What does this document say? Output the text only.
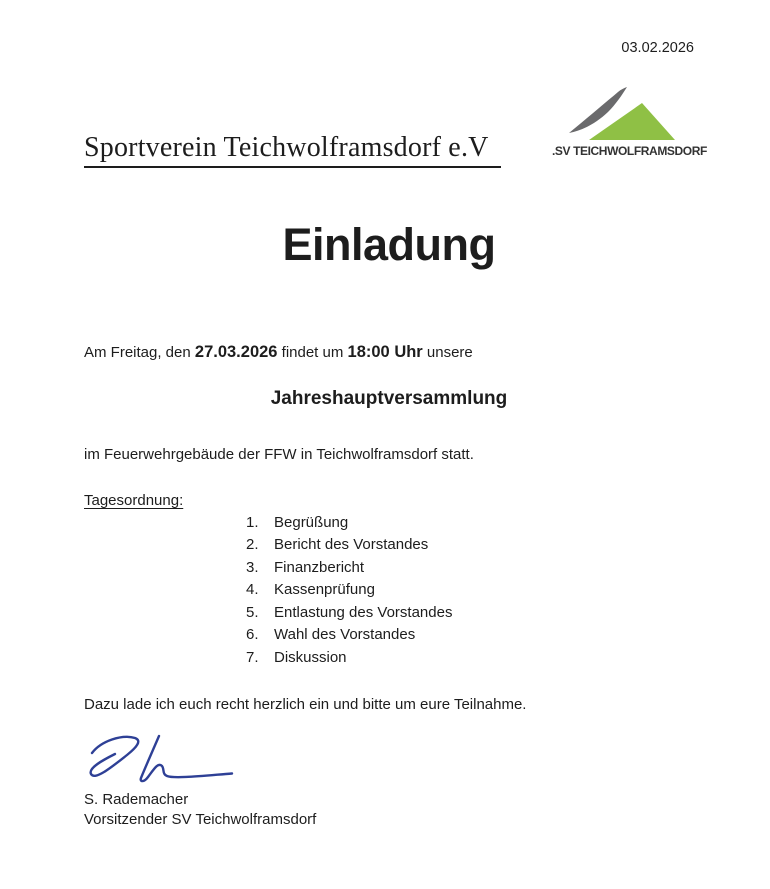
03.02.2026
.SV TEICHWOLFRAMSDORF
Sportverein Teichwolframsdorf e.V
Einladung
Am Freitag, den 27.03.2026 findet um 18:00 Uhr unsere
Jahreshauptversammlung
im Feuerwehrgebäude der FFW in Teichwolframsdorf statt.
Tagesordnung:
1.	Begrüßung
2.	Bericht des Vorstandes
3.	Finanzbericht
4.	Kassenprüfung
5.	Entlastung des Vorstandes
6.	Wahl des Vorstandes
7.	Diskussion
Dazu lade ich euch recht herzlich ein und bitte um eure Teilnahme.
S. Rademacher
Vorsitzender SV Teichwolframsdorf
